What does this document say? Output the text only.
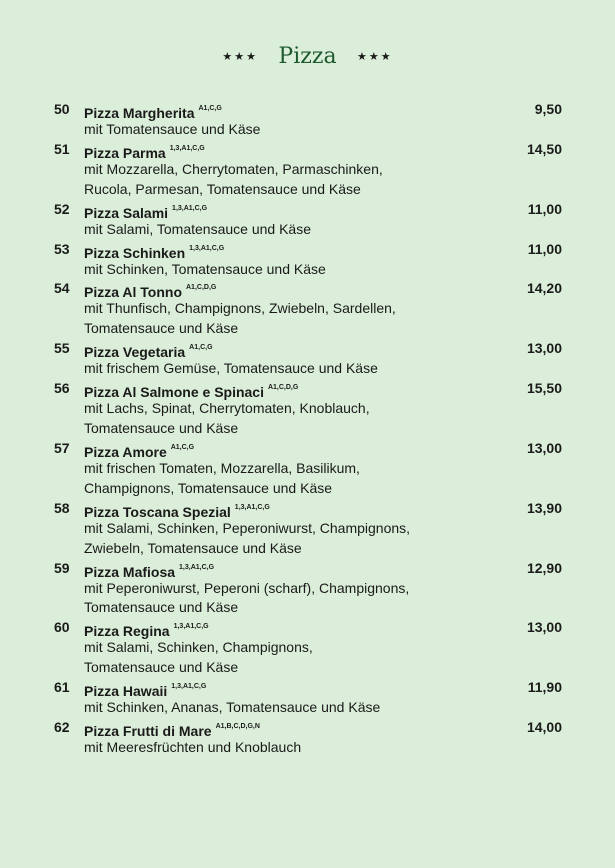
★★★ Pizza ★★★
50 Pizza Margherita $^{A1,C,G}$	9,50
mit Tomatensauce und Käse
51 Pizza Parma $^{1,3,A1,C,G}$	14,50
mit Mozzarella, Cherrytomaten, Parmaschinken,
Rucola, Parmesan, Tomatensauce und Käse
52 Pizza Salami $^{1,3,A1,C,G}$	11,00
mit Salami, Tomatensauce und Käse
53 Pizza Schinken $^{1,3,A1,C,G}$	11,00
mit Schinken, Tomatensauce und Käse
54 Pizza Al Tonno $^{A1,C,D,G}$	14,20
mit Thunfisch, Champignons, Zwiebeln, Sardellen,
Tomatensauce und Käse
55 Pizza Vegetaria $^{A1,C,G}$	13,00
mit frischem Gemüse, Tomatensauce und Käse
56 Pizza Al Salmone e Spinaci $^{A1,C,D,G}$	15,50
mit Lachs, Spinat, Cherrytomaten, Knoblauch,
Tomatensauce und Käse
57 Pizza Amore $^{A1,C,G}$	13,00
mit frischen Tomaten, Mozzarella, Basilikum,
Champignons, Tomatensauce und Käse
58 Pizza Toscana Spezial $^{1,3,A1,C,G}$	13,90
mit Salami, Schinken, Peperoniwurst, Champignons,
Zwiebeln, Tomatensauce und Käse
59 Pizza Mafiosa $^{1,3,A1,C,G}$	12,90
mit Peperoniwurst, Peperoni (scharf), Champignons,
Tomatensauce und Käse
60 Pizza Regina $^{1,3,A1,C,G}$	13,00
mit Salami, Schinken, Champignons,
Tomatensauce und Käse
61 Pizza Hawaii $^{1,3,A1,C,G}$	11,90
mit Schinken, Ananas, Tomatensauce und Käse
62 Pizza Frutti di Mare $^{A1,B,C,D,G,N}$	14,00
mit Meeresfrüchten und Knoblauch
